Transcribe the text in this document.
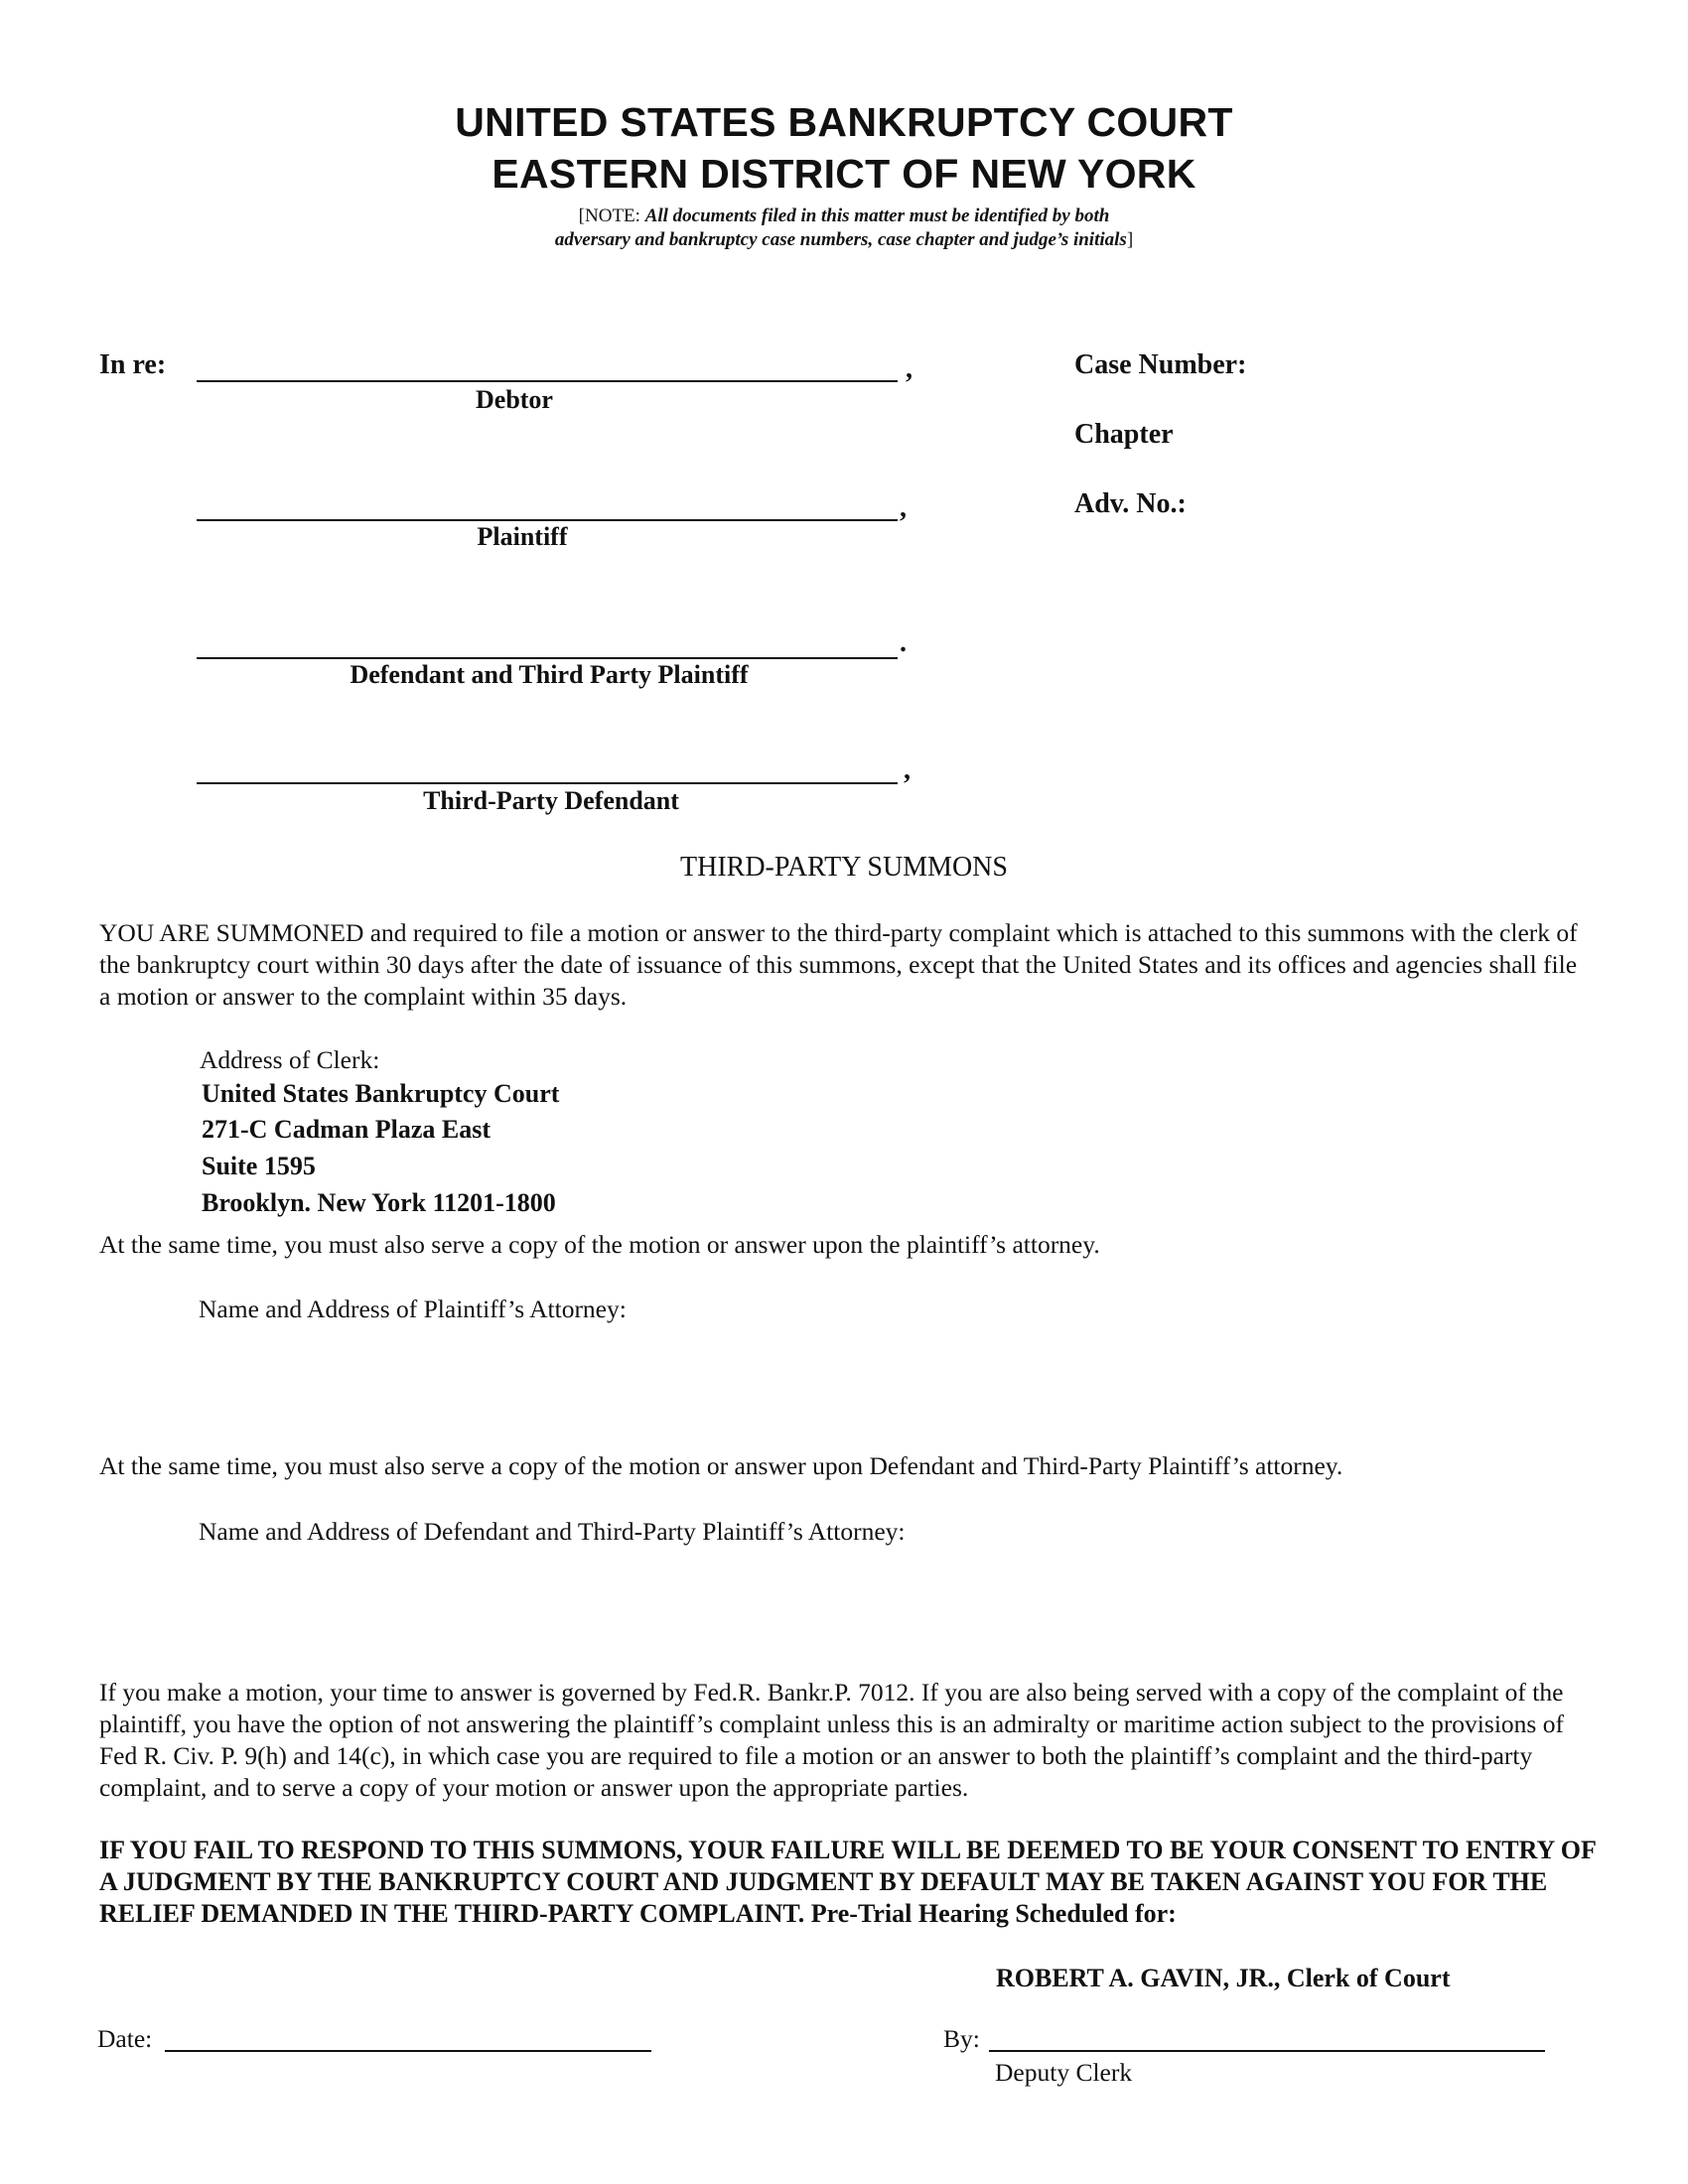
UNITED STATES BANKRUPTCY COURT
EASTERN DISTRICT OF NEW YORK
[NOTE: All documents filed in this matter must be identified by both
adversary and bankruptcy case numbers, case chapter and judge’s initials]
In re:	,
Debtor
,
Plaintiff
.
Defendant and Third Party Plaintiff
,
Third-Party Defendant
Case Number:
Chapter
Adv. No.:
THIRD-PARTY SUMMONS
YOU ARE SUMMONED and required to file a motion or answer to the third-party complaint which is attached to this summons with the clerk of the bankruptcy court within 30 days after the date of issuance of this summons, except that the United States and its offices and agencies shall file a motion or answer to the complaint within 35 days.
Address of Clerk:
United States Bankruptcy Court
271-C Cadman Plaza East
Suite 1595
Brooklyn. New York 11201-1800
At the same time, you must also serve a copy of the motion or answer upon the plaintiff’s attorney.
Name and Address of Plaintiff’s Attorney:
At the same time, you must also serve a copy of the motion or answer upon Defendant and Third-Party Plaintiff’s attorney.
Name and Address of Defendant and Third-Party Plaintiff’s Attorney:
If you make a motion, your time to answer is governed by Fed.R. Bankr.P. 7012. If you are also being served with a copy of the complaint of the plaintiff, you have the option of not answering the plaintiff’s complaint unless this is an admiralty or maritime action subject to the provisions of Fed R. Civ. P. 9(h) and 14(c), in which case you are required to file a motion or an answer to both the plaintiff’s complaint and the third-party complaint, and to serve a copy of your motion or answer upon the appropriate parties.
IF YOU FAIL TO RESPOND TO THIS SUMMONS, YOUR FAILURE WILL BE DEEMED TO BE YOUR CONSENT TO ENTRY OF A JUDGMENT BY THE BANKRUPTCY COURT AND JUDGMENT BY DEFAULT MAY BE TAKEN AGAINST YOU FOR THE RELIEF DEMANDED IN THE THIRD-PARTY COMPLAINT. Pre-Trial Hearing Scheduled for:
ROBERT A. GAVIN, JR., Clerk of Court
Date:	By:
Deputy Clerk
